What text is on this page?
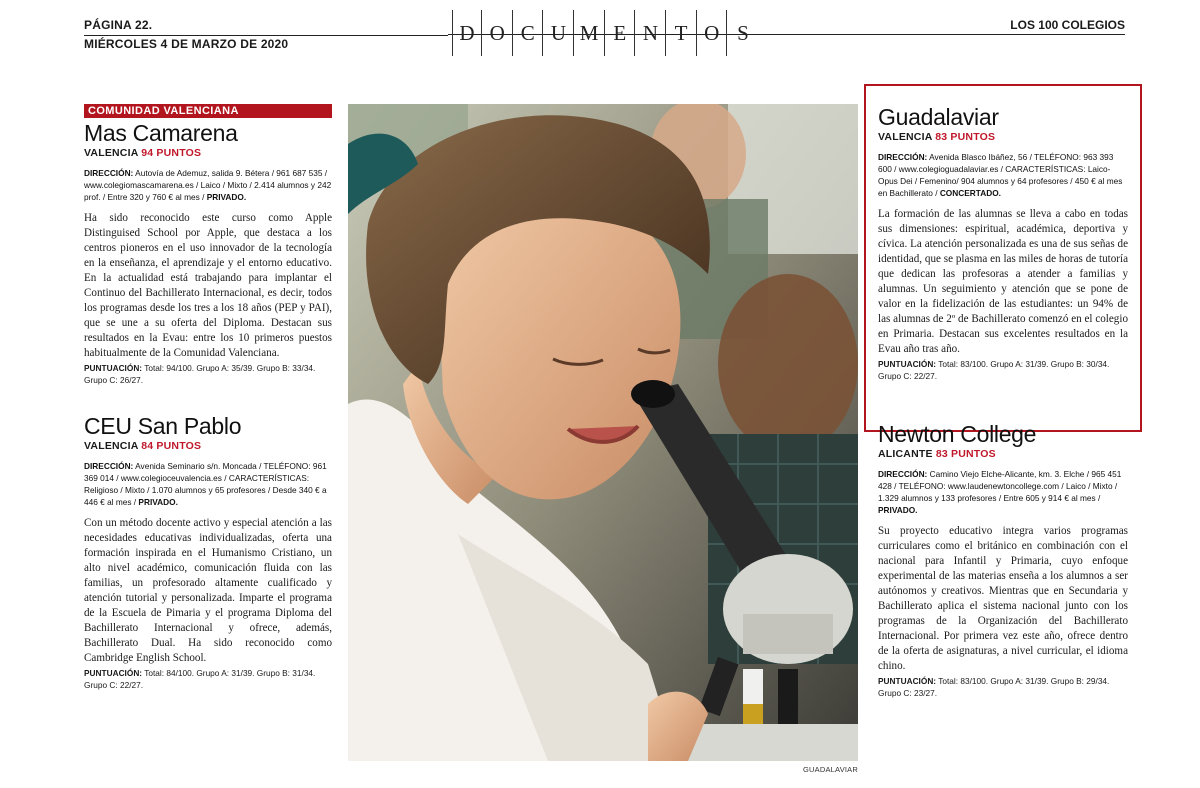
PÁGINA 22.
MIÉRCOLES 4 DE MARZO DE 2020	D O C U M E N T O S	LOS 100 COLEGIOS
COMUNIDAD VALENCIANA
Mas Camarena
VALENCIA 94 PUNTOS
DIRECCIÓN: Autovía de Ademuz, salida 9. Bétera / 961 687 535 / www.colegiomascamarena.es / Laico / Mixto / 2.414 alumnos y 242 prof. / Entre 320 y 760 € al mes / PRIVADO.

Ha sido reconocido este curso como Apple Distinguised School por Apple, que destaca a los centros pioneros en el uso innovador de la tecnología en la enseñanza, el aprendizaje y el entorno educativo. En la actualidad está trabajando para implantar el Continuo del Bachillerato Internacional, es decir, todos los programas desde los tres a los 18 años (PEP y PAI), que se une a su oferta del Diploma. Destacan sus resultados en la Evau: entre los 10 primeros puestos habitualmente de la Comunidad Valenciana.

PUNTUACIÓN: Total: 94/100. Grupo A: 35/39. Grupo B: 33/34. Grupo C: 26/27.
CEU San Pablo
VALENCIA 84 PUNTOS
DIRECCIÓN: Avenida Seminario s/n. Moncada / TELÉFONO: 961 369 014 / www.colegioceuvalencia.es / CARACTERÍSTICAS: Religioso / Mixto / 1.070 alumnos y 65 profesores / Desde 340 € a 446 € al mes / PRIVADO.

Con un método docente activo y especial atención a las necesidades educativas individualizadas, oferta una formación inspirada en el Humanismo Cristiano, un alto nivel académico, comunicación fluida con las familias, un profesorado altamente cualificado y atención tutorial y personalizada. Imparte el programa de la Escuela de Pimaria y el programa Diploma del Bachillerato Internacional y ofrece, además, Bachillerato Dual. Ha sido reconocido como Cambridge English School.

PUNTUACIÓN: Total: 84/100. Grupo A: 31/39. Grupo B: 31/34. Grupo C: 22/27.
GUADALAVIAR
Guadalaviar
VALENCIA 83 PUNTOS
DIRECCIÓN: Avenida Blasco Ibáñez, 56 / TELÉFONO: 963 393 600 / www.colegioguadalaviar.es / CARACTERÍSTICAS: Laico-Opus Dei / Femenino/ 904 alumnos y 64 profesores / 450 € al mes en Bachillerato / CONCERTADO.

La formación de las alumnas se lleva a cabo en todas sus dimensiones: espiritual, académica, deportiva y cívica. La atención personalizada es una de sus señas de identidad, que se plasma en las miles de horas de tutoría que dedican las profesoras a atender a familias y alumnas. Un seguimiento y atención que se pone de valor en la fidelización de las estudiantes: un 94% de las alumnas de 2º de Bachillerato comenzó en el colegio en Primaria. Destacan sus excelentes resultados en la Evau año tras año.

PUNTUACIÓN: Total: 83/100. Grupo A: 31/39. Grupo B: 30/34. Grupo C: 22/27.
Newton College
ALICANTE 83 PUNTOS
DIRECCIÓN: Camino Viejo Elche-Alicante, km. 3. Elche / 965 451 428 / TELÉFONO: www.laudenewtoncollege.com / Laico / Mixto / 1.329 alumnos y 133 profesores / Entre 605 y 914 € al mes / PRIVADO.

Su proyecto educativo integra varios programas curriculares como el británico en combinación con el nacional para Infantil y Primaria, cuyo enfoque experimental de las materias enseña a los alumnos a ser autónomos y creativos. Mientras que en Secundaria y Bachillerato aplica el sistema nacional junto con los programas de la Organización del Bachillerato Internacional. Por primera vez este año, ofrece dentro de la oferta de asignaturas, a nivel curricular, el idioma chino.

PUNTUACIÓN: Total: 83/100. Grupo A: 31/39. Grupo B: 29/34. Grupo C: 23/27.
